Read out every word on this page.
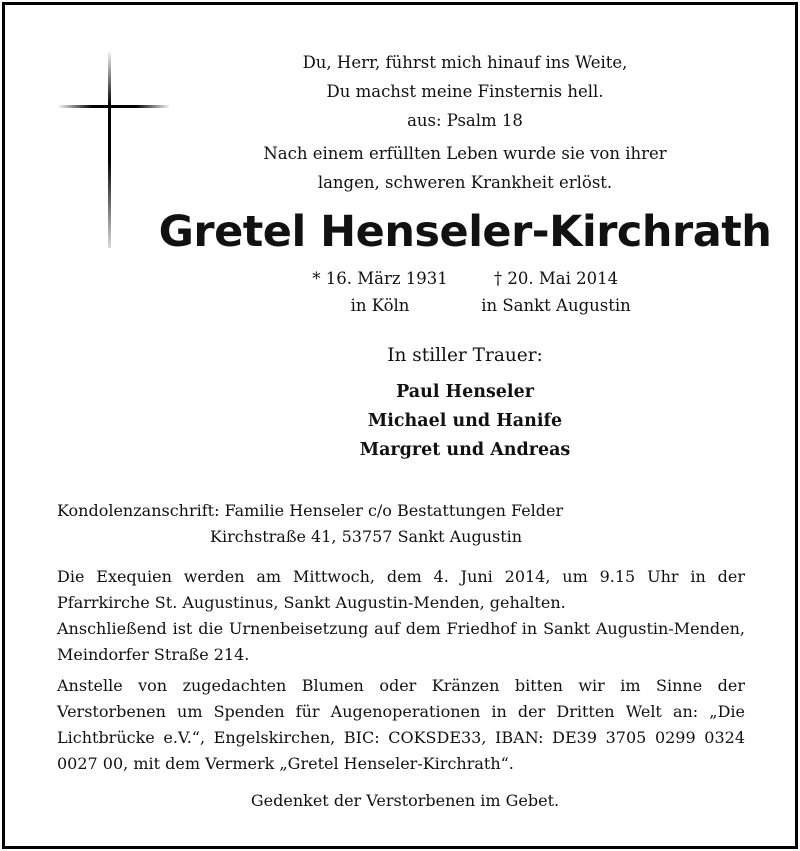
Du, Herr, führst mich hinauf ins Weite,
Du machst meine Finsternis hell.
aus: Psalm 18
Nach einem erfüllten Leben wurde sie von ihrer
langen, schweren Krankheit erlöst.
Gretel Henseler-Kirchrath
* 16. März 1931
in Köln
† 20. Mai 2014
in Sankt Augustin
In stiller Trauer:
Paul Henseler
Michael und Hanife
Margret und Andreas
Kondolenzanschrift: Familie Henseler c/o Bestattungen Felder
Kirchstraße 41, 53757 Sankt Augustin
Die Exequien werden am Mittwoch, dem 4. Juni 2014, um 9.15 Uhr in der Pfarrkirche St. Augustinus, Sankt Augustin-Menden, gehalten.
Anschließend ist die Urnenbeisetzung auf dem Friedhof in Sankt Augustin-Menden, Meindorfer Straße 214.
Anstelle von zugedachten Blumen oder Kränzen bitten wir im Sinne der Verstorbenen um Spenden für Augenoperationen in der Dritten Welt an: „Die Lichtbrücke e.V.“, Engelskirchen, BIC: COKSDE33, IBAN: DE39 3705 0299 0324 0027 00, mit dem Vermerk „Gretel Henseler-Kirchrath“.
Gedenket der Verstorbenen im Gebet.
